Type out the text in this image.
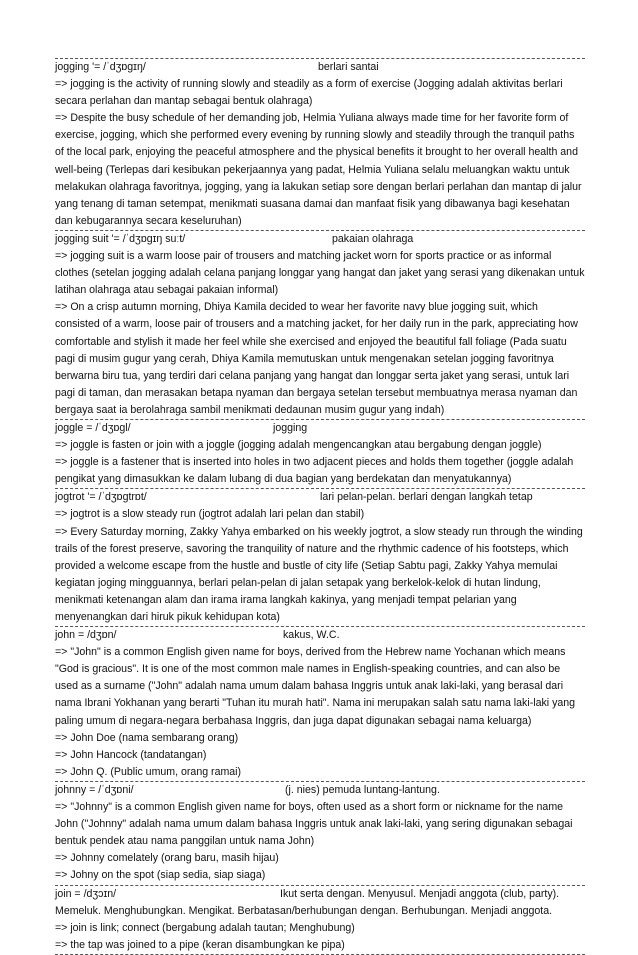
jogging '= /ˈdʒɒɡɪŋ/	berlari santai

=> jogging is the activity of running slowly and steadily as a form of exercise (Jogging adalah aktivitas berlari secara perlahan dan mantap sebagai bentuk olahraga)

=> Despite the busy schedule of her demanding job, Helmia Yuliana always made time for her favorite form of exercise, jogging, which she performed every evening by running slowly and steadily through the tranquil paths of the local park, enjoying the peaceful atmosphere and the physical benefits it brought to her overall health and well-being (Terlepas dari kesibukan pekerjaannya yang padat, Helmia Yuliana selalu meluangkan waktu untuk melakukan olahraga favoritnya, jogging, yang ia lakukan setiap sore dengan berlari perlahan dan mantap di jalur yang tenang di taman setempat, menikmati suasana damai dan manfaat fisik yang dibawanya bagi kesehatan dan kebugarannya secara keseluruhan)

jogging suit '= /ˈdʒɒɡɪŋ suːt/	pakaian olahraga

=> jogging suit is a warm loose pair of trousers and matching jacket worn for sports practice or as informal clothes (setelan jogging adalah celana panjang longgar yang hangat dan jaket yang serasi yang dikenakan untuk latihan olahraga atau sebagai pakaian informal)

=> On a crisp autumn morning, Dhiya Kamila decided to wear her favorite navy blue jogging suit, which consisted of a warm, loose pair of trousers and a matching jacket, for her daily run in the park, appreciating how comfortable and stylish it made her feel while she exercised and enjoyed the beautiful fall foliage (Pada suatu pagi di musim gugur yang cerah, Dhiya Kamila memutuskan untuk mengenakan setelan jogging favoritnya berwarna biru tua, yang terdiri dari celana panjang yang hangat dan longgar serta jaket yang serasi, untuk lari pagi di taman, dan merasakan betapa nyaman dan bergaya setelan tersebut membuatnya merasa nyaman dan bergaya saat ia berolahraga sambil menikmati dedaunan musim gugur yang indah)

joggle = /ˈdʒɒɡl/	jogging

=> joggle is fasten or join with a joggle (jogging adalah mengencangkan atau bergabung dengan joggle)

=> joggle is a fastener that is inserted into holes in two adjacent pieces and holds them together (joggle adalah pengikat yang dimasukkan ke dalam lubang di dua bagian yang berdekatan dan menyatukannya)

jogtrot '= /ˈdʒɒɡtrɒt/	lari pelan-pelan. berlari dengan langkah tetap

=> jogtrot is a slow steady run (jogtrot adalah lari pelan dan stabil)

=> Every Saturday morning, Zakky Yahya embarked on his weekly jogtrot, a slow steady run through the winding trails of the forest preserve, savoring the tranquility of nature and the rhythmic cadence of his footsteps, which provided a welcome escape from the hustle and bustle of city life (Setiap Sabtu pagi, Zakky Yahya memulai kegiatan joging mingguannya, berlari pelan-pelan di jalan setapak yang berkelok-kelok di hutan lindung, menikmati ketenangan alam dan irama irama langkah kakinya, yang menjadi tempat pelarian yang menyenangkan dari hiruk pikuk kehidupan kota)

john = /dʒɒn/	kakus, W.C.

=> "John" is a common English given name for boys, derived from the Hebrew name Yochanan which means "God is gracious". It is one of the most common male names in English-speaking countries, and can also be used as a surname ("John" adalah nama umum dalam bahasa Inggris untuk anak laki-laki, yang berasal dari nama Ibrani Yokhanan yang berarti "Tuhan itu murah hati". Nama ini merupakan salah satu nama laki-laki yang paling umum di negara-negara berbahasa Inggris, dan juga dapat digunakan sebagai nama keluarga)

=> John Doe (nama sembarang orang)

=> John Hancock (tandatangan)

=> John Q. (Public umum, orang ramai)

johnny = /ˈdʒɒni/	(j. nies) pemuda luntang-lantung.

=> "Johnny" is a common English given name for boys, often used as a short form or nickname for the name John ("Johnny" adalah nama umum dalam bahasa Inggris untuk anak laki-laki, yang sering digunakan sebagai bentuk pendek atau nama panggilan untuk nama John)

=> Johnny comelately (orang baru, masih hijau)

=> Johny on the spot (siap sedia, siap siaga)

join = /dʒɔɪn/	Ikut serta dengan. Menyusul. Menjadi anggota (club, party).

Memeluk. Menghubungkan. Mengikat. Berbatasan/berhubungan dengan. Berhubungan. Menjadi anggota.

=> join is link; connect (bergabung adalah tautan; Menghubung)

=> the tap was joined to a pipe (keran disambungkan ke pipa)
